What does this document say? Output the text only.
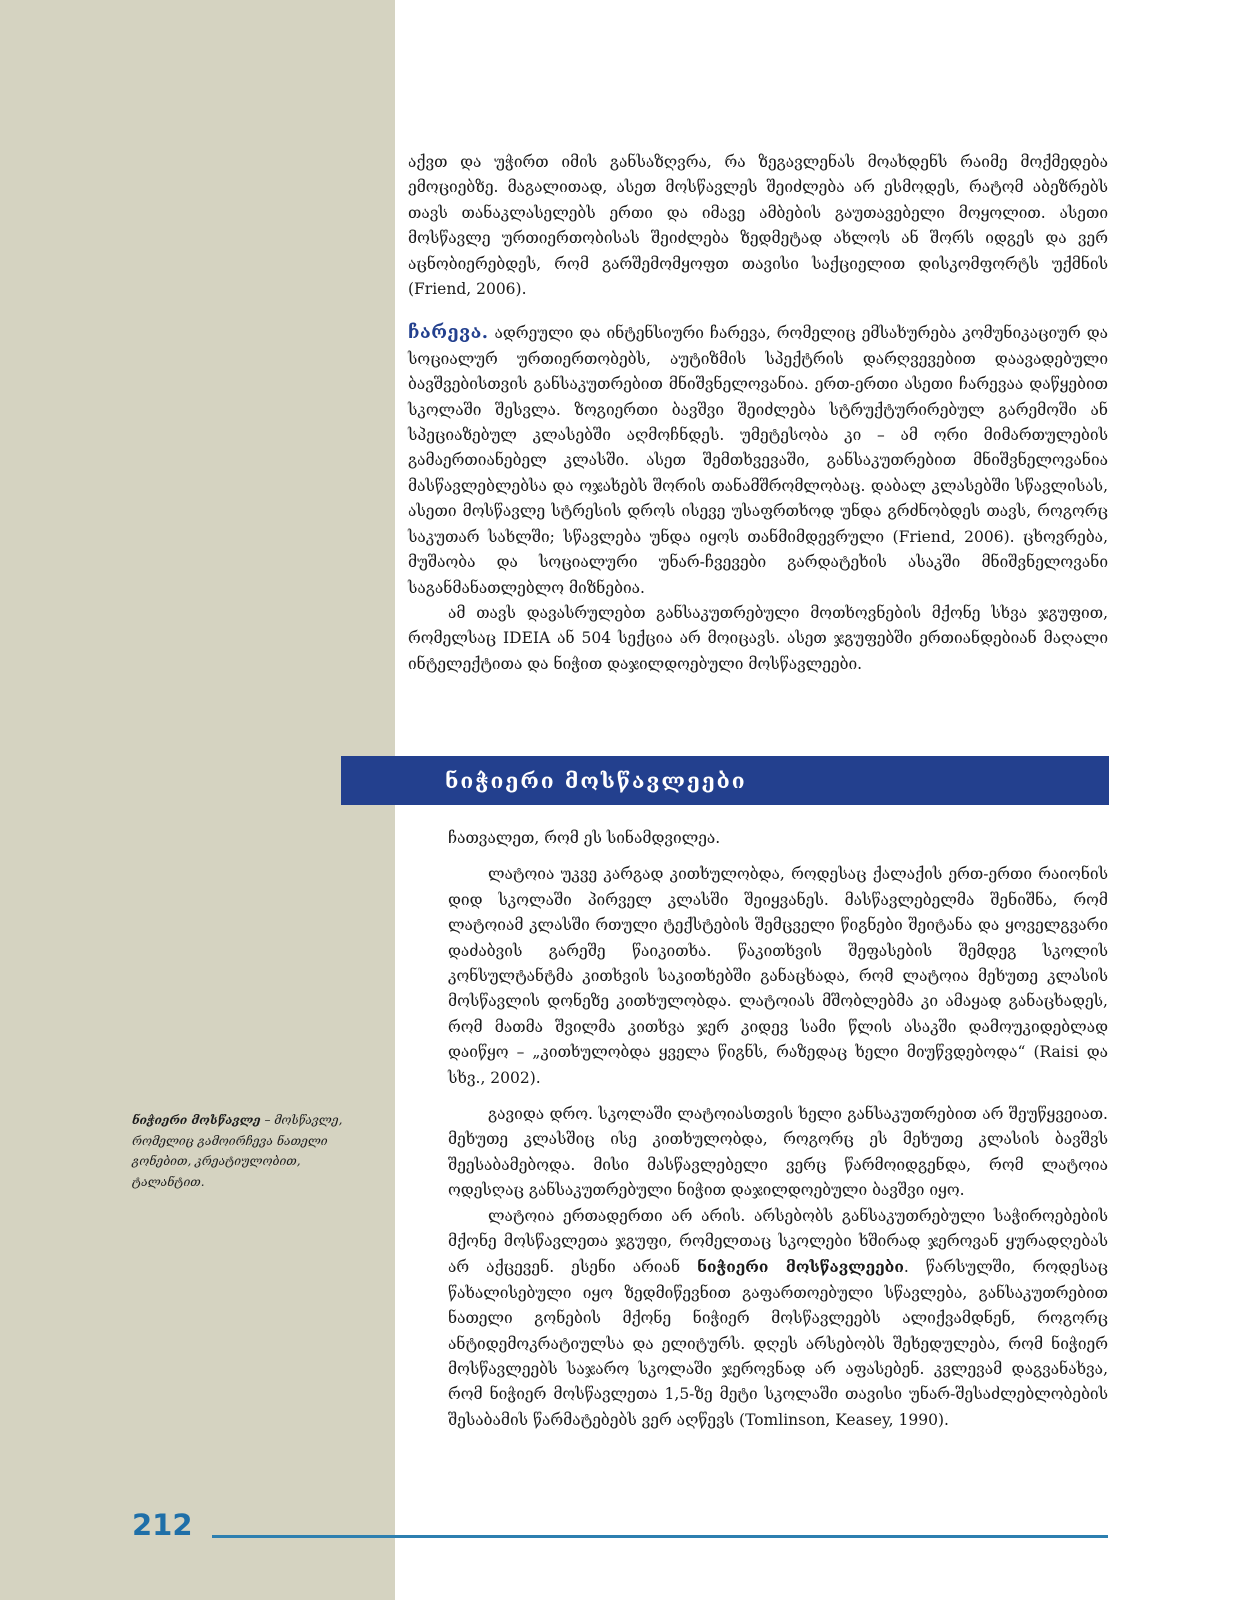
აქვთ და უჭირთ იმის განსაზღვრა, რა ზეგავლენას მოახდენს რაიმე მოქმედება ემოციებზე. მაგალითად, ასეთ მოსწავლეს შეიძლება არ ესმოდეს, რატომ აბეზრებს თავს თანაკლასელებს ერთი და იმავე ამბების გაუთავებელი მოყოლით. ასეთი მოსწავლე ურთიერთობისას შეიძლება ზედმეტად ახლოს ან შორს იდგეს და ვერ აცნობიერებდეს, რომ გარშემომყოფთ თავისი საქციელით დისკომფორტს უქმნის (Friend, 2006).

ჩარევა. ადრეული და ინტენსიური ჩარევა, რომელიც ემსახურება კომუნიკაციურ და სოციალურ ურთიერთობებს, აუტიზმის სპექტრის დარღვევებით დაავადებული ბავშვებისთვის განსაკუთრებით მნიშვნელოვანია. ერთ-ერთი ასეთი ჩარევაა დაწყებით სკოლაში შესვლა. ზოგიერთი ბავშვი შეიძლება სტრუქტურირებულ გარემოში ან სპეციაზებულ კლასებში აღმოჩნდეს. უმეტესობა კი – ამ ორი მიმართულების გამაერთიანებელ კლასში. ასეთ შემთხვევაში, განსაკუთრებით მნიშვნელოვანია მასწავლებლებსა და ოჯახებს შორის თანამშრომლობაც. დაბალ კლასებში სწავლისას, ასეთი მოსწავლე სტრესის დროს ისევე უსაფრთხოდ უნდა გრძნობდეს თავს, როგორც საკუთარ სახლში; სწავლება უნდა იყოს თანმიმდევრული (Friend, 2006). ცხოვრება, მუშაობა და სოციალური უნარ-ჩვევები გარდატეხის ასაკში მნიშვნელოვანი საგანმანათლებლო მიზნებია.

ამ თავს დავასრულებთ განსაკუთრებული მოთხოვნების მქონე სხვა ჯგუფით, რომელსაც IDEIA ან 504 სექცია არ მოიცავს. ასეთ ჯგუფებში ერთიანდებიან მაღალი ინტელექტითა და ნიჭით დაჯილდოებული მოსწავლეები.

ნიჭიერი მოსწავლეები

ჩათვალეთ, რომ ეს სინამდვილეა.

ლატოია უკვე კარგად კითხულობდა, როდესაც ქალაქის ერთ-ერთი რაიონის დიდ სკოლაში პირველ კლასში შეიყვანეს. მასწავლებელმა შენიშნა, რომ ლატოიამ კლასში რთული ტექსტების შემცველი წიგნები შეიტანა და ყოველგვარი დაძაბვის გარეშე წაიკითხა. წაკითხვის შეფასების შემდეგ სკოლის კონსულტანტმა კითხვის საკითხებში განაცხადა, რომ ლატოია მეხუთე კლასის მოსწავლის დონეზე კითხულობდა. ლატოიას მშობლებმა კი ამაყად განაცხადეს, რომ მათმა შვილმა კითხვა ჯერ კიდევ სამი წლის ასაკში დამოუკიდებლად დაიწყო – „კითხულობდა ყველა წიგნს, რაზედაც ხელი მიუწვდებოდა“ (Raisi და სხვ., 2002).

გავიდა დრო. სკოლაში ლატოიასთვის ხელი განსაკუთრებით არ შეუწყვეიათ. მეხუთე კლასშიც ისე კითხულობდა, როგორც ეს მეხუთე კლასის ბავშვს შეესაბამებოდა. მისი მასწავლებელი ვერც წარმოიდგენდა, რომ ლატოია ოდესღაც განსაკუთრებული ნიჭით დაჯილდოებული ბავშვი იყო.

ლატოია ერთადერთი არ არის. არსებობს განსაკუთრებული საჭიროებების მქონე მოსწავლეთა ჯგუფი, რომელთაც სკოლები ხშირად ჯეროვან ყურადღებას არ აქცევენ. ესენი არიან ნიჭიერი მოსწავლეები. წარსულში, როდესაც წახალისებული იყო ზედმიწევნით გაფართოებული სწავლება, განსაკუთრებით ნათელი გონების მქონე ნიჭიერ მოსწავლეებს ალიქვამდნენ, როგორც ანტიდემოკრატიულსა და ელიტურს. დღეს არსებობს შეხედულება, რომ ნიჭიერ მოსწავლეებს საჯარო სკოლაში ჯეროვნად არ აფასებენ. კვლევამ დაგვანახვა, რომ ნიჭიერ მოსწავლეთა 1,5-ზე მეტი სკოლაში თავისი უნარ-შესაძლებლობების შესაბამის წარმატებებს ვერ აღწევს (Tomlinson, Keasey, 1990).

ნიჭიერი მოსწავლე – მოსწავლე, რომელიც გამოირჩევა ნათელი გონებით, კრეატიულობით, ტალანტით.
212
